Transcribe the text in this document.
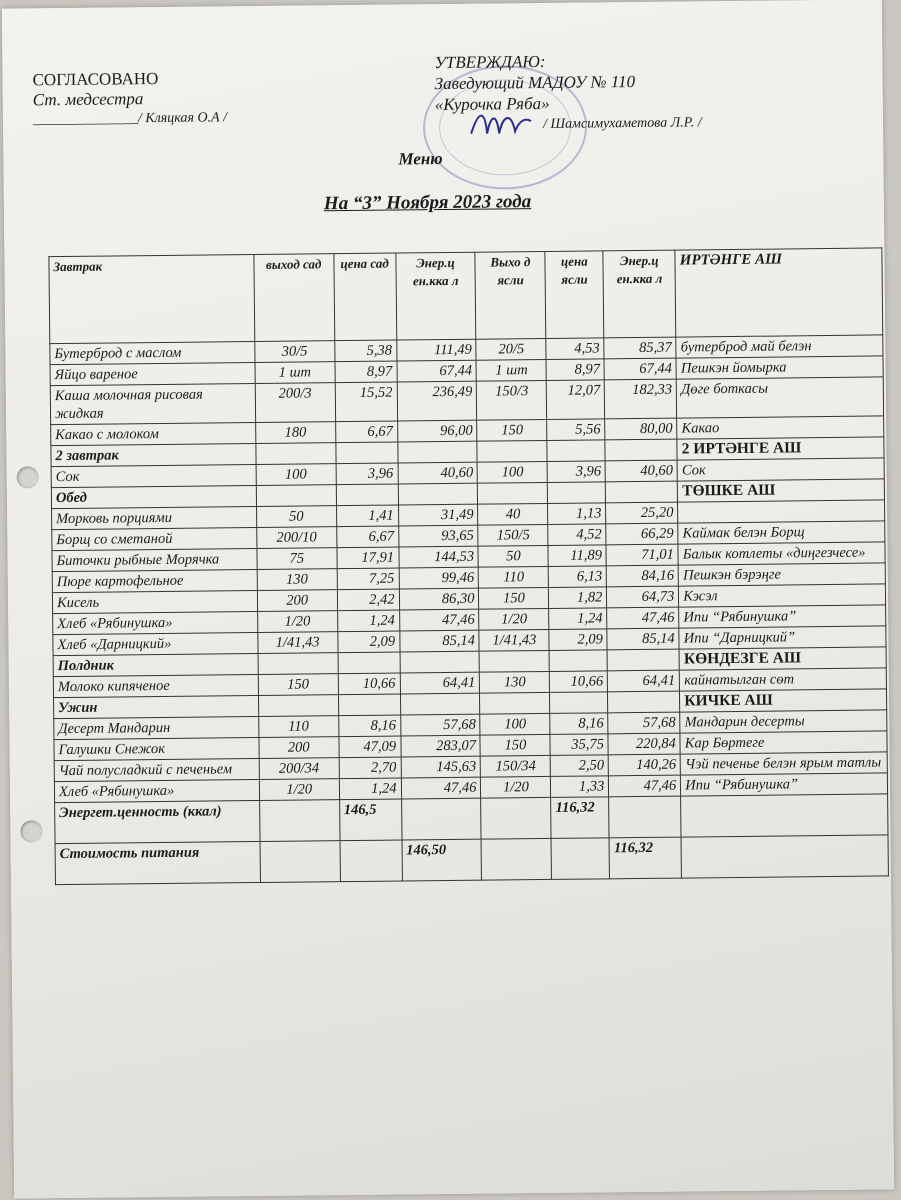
СОГЛАСОВАНО
Ст. медсестра
_______________/ Кляцкая О.А /
УТВЕРЖДАЮ:
Заведующий МАДОУ № 110
«Курочка Ряба»
/ Шамсимухаметова Л.Р. /
Меню
На “3” Ноября 2023 года
Завтрак	выход сад	цена сад	Энер.ц ен.кка л	Выхо д ясли	цена ясли	Энер.ц ен.кка л	ИРТӘНГЕ АШ
Бутерброд с маслом	30/5	5,38	111,49	20/5	4,53	85,37	бутерброд май белэн
Яйцо вареное	1 шт	8,97	67,44	1 шт	8,97	67,44	Пешкэн йомырка
Каша молочная рисовая жидкая	200/3	15,52	236,49	150/3	12,07	182,33	Дөге боткасы
Какао с молоком	180	6,67	96,00	150	5,56	80,00	Какао
2 завтрак							2 ИРТӘНГЕ АШ
Сок	100	3,96	40,60	100	3,96	40,60	Сок
Обед							ТӨШКЕ АШ
Морковь порциями	50	1,41	31,49	40	1,13	25,20	
Борщ со сметаной	200/10	6,67	93,65	150/5	4,52	66,29	Каймак белэн Борщ
Биточки рыбные Морячка	75	17,91	144,53	50	11,89	71,01	Балык котлеты «диңгезчесе»
Пюре картофельное	130	7,25	99,46	110	6,13	84,16	Пешкэн бэрэңге
Кисель	200	2,42	86,30	150	1,82	64,73	Кэсэл
Хлеб «Рябинушка»	1/20	1,24	47,46	1/20	1,24	47,46	Ипи “Рябинушка”
Хлеб «Дарницкий»	1/41,43	2,09	85,14	1/41,43	2,09	85,14	Ипи “Дарницкий”
Полдник							КӨНДЕЗГЕ АШ
Молоко кипяченое	150	10,66	64,41	130	10,66	64,41	кайнатылган сөт
Ужин							КИЧКЕ АШ
Десерт Мандарин	110	8,16	57,68	100	8,16	57,68	Мандарин десерты
Галушки Снежок	200	47,09	283,07	150	35,75	220,84	Кар Бөртеге
Чай полусладкий с печеньем	200/34	2,70	145,63	150/34	2,50	140,26	Чэй печенье белэн ярым татлы
Хлеб «Рябинушка»	1/20	1,24	47,46	1/20	1,33	47,46	Ипи “Рябинушка”
Энергет.ценность (ккал)		146,5			116,32		
Стоимость питания			146,50			116,32	
